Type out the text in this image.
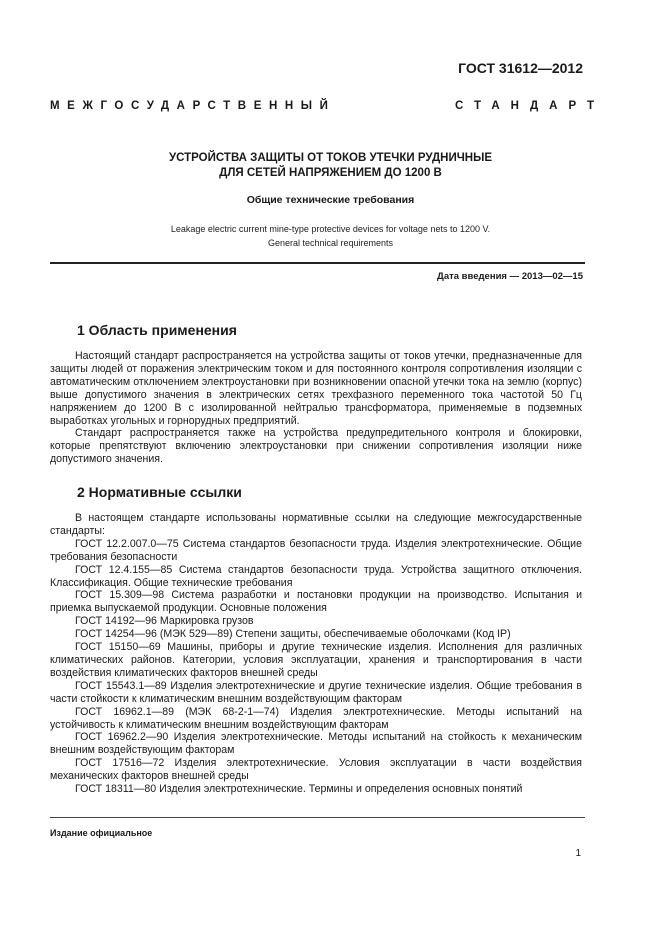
ГОСТ 31612—2012
МЕЖГОСУДАРСТВЕННЫЙ	СТАНДАРТ
УСТРОЙСТВА ЗАЩИТЫ ОТ ТОКОВ УТЕЧКИ РУДНИЧНЫЕ
ДЛЯ СЕТЕЙ НАПРЯЖЕНИЕМ ДО 1200 В
Общие технические требования
Leakage electric current mine-type protective devices for voltage nets to 1200 V.
General technical requirements
Дата введения — 2013—02—15
1 Область применения

Настоящий стандарт распространяется на устройства защиты от токов утечки, предназначенные для защиты людей от поражения электрическим током и для постоянного контроля сопротивления изоляции с автоматическим отключением электроустановки при возникновении опасной утечки тока на землю (корпус) выше допустимого значения в электрических сетях трехфазного переменного тока частотой 50 Гц напряжением до 1200 В с изолированной нейтралью трансформатора, применяемые в подземных выработках угольных и горнорудных предприятий.

Стандарт распространяется также на устройства предупредительного контроля и блокировки, которые препятствуют включению электроустановки при снижении сопротивления изоляции ниже допустимого значения.

2 Нормативные ссылки

В настоящем стандарте использованы нормативные ссылки на следующие межгосударственные стандарты:

ГОСТ 12.2.007.0—75 Система стандартов безопасности труда. Изделия электротехнические. Общие требования безопасности

ГОСТ 12.4.155—85 Система стандартов безопасности труда. Устройства защитного отключения. Классификация. Общие технические требования

ГОСТ 15.309—98 Система разработки и постановки продукции на производство. Испытания и приемка выпускаемой продукции. Основные положения

ГОСТ 14192—96 Маркировка грузов

ГОСТ 14254—96 (МЭК 529—89) Степени защиты, обеспечиваемые оболочками (Код IP)

ГОСТ 15150—69 Машины, приборы и другие технические изделия. Исполнения для различных климатических районов. Категории, условия эксплуатации, хранения и транспортирования в части воздействия климатических факторов внешней среды

ГОСТ 15543.1—89 Изделия электротехнические и другие технические изделия. Общие требования в части стойкости к климатическим внешним воздействующим факторам

ГОСТ 16962.1—89 (МЭК 68-2-1—74) Изделия электротехнические. Методы испытаний на устойчивость к климатическим внешним воздействующим факторам

ГОСТ 16962.2—90 Изделия электротехнические. Методы испытаний на стойкость к механическим внешним воздействующим факторам

ГОСТ 17516—72 Изделия электротехнические. Условия эксплуатации в части воздействия механических факторов внешней среды

ГОСТ 18311—80 Изделия электротехнические. Термины и определения основных понятий

Издание официальное
1
